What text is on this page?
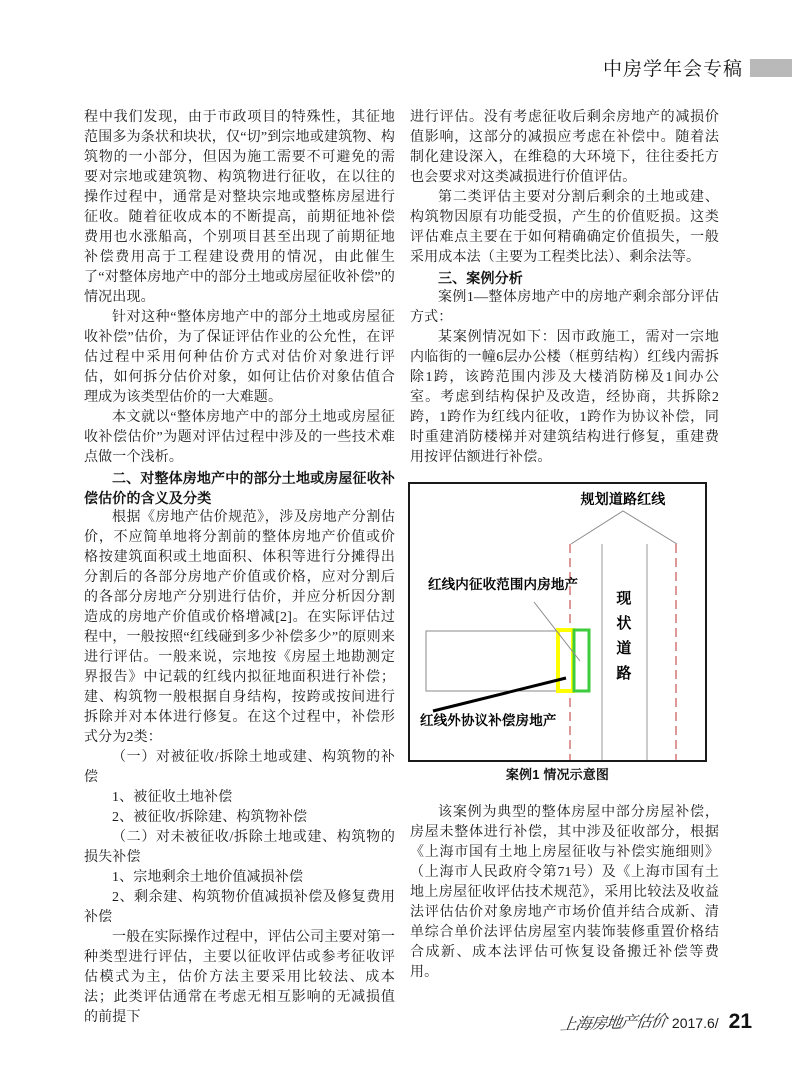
中房学年会专稿

程中我们发现，由于市政项目的特殊性，其征地范围多为条状和块状，仅“切”到宗地或建筑物、构筑物的一小部分，但因为施工需要不可避免的需要对宗地或建筑物、构筑物进行征收，在以往的操作过程中，通常是对整块宗地或整栋房屋进行征收。随着征收成本的不断提高，前期征地补偿费用也水涨船高，个别项目甚至出现了前期征地补偿费用高于工程建设费用的情况，由此催生了“对整体房地产中的部分土地或房屋征收补偿”的情况出现。

针对这种“整体房地产中的部分土地或房屋征收补偿”估价，为了保证评估作业的公允性，在评估过程中采用何种估价方式对估价对象进行评估，如何拆分估价对象，如何让估价对象估值合理成为该类型估价的一大难题。

本文就以“整体房地产中的部分土地或房屋征收补偿估价”为题对评估过程中涉及的一些技术难点做一个浅析。

二、对整体房地产中的部分土地或房屋征收补偿估价的含义及分类

根据《房地产估价规范》，涉及房地产分割估价，不应简单地将分割前的整体房地产价值或价格按建筑面积或土地面积、体积等进行分摊得出分割后的各部分房地产价值或价格，应对分割后的各部分房地产分别进行估价，并应分析因分割造成的房地产价值或价格增减[2]。在实际评估过程中，一般按照“红线碰到多少补偿多少”的原则来进行评估。一般来说，宗地按《房屋土地勘测定界报告》中记载的红线内拟征地面积进行补偿；建、构筑物一般根据自身结构，按跨或按间进行拆除并对本体进行修复。在这个过程中，补偿形式分为2类：

（一）对被征收/拆除土地或建、构筑物的补偿

1、被征收土地补偿

2、被征收/拆除建、构筑物补偿

（二）对未被征收/拆除土地或建、构筑物的损失补偿

1、宗地剩余土地价值减损补偿

2、剩余建、构筑物价值减损补偿及修复费用补偿

一般在实际操作过程中，评估公司主要对第一种类型进行评估，主要以征收评估或参考征收评估模式为主，估价方法主要采用比较法、成本法；此类评估通常在考虑无相互影响的无减损值的前提下

进行评估。没有考虑征收后剩余房地产的减损价值影响，这部分的减损应考虑在补偿中。随着法制化建设深入，在维稳的大环境下，往往委托方也会要求对这类减损进行价值评估。

第二类评估主要对分割后剩余的土地或建、构筑物因原有功能受损，产生的价值贬损。这类评估难点主要在于如何精确确定价值损失，一般采用成本法（主要为工程类比法）、剩余法等。

三、案例分析

案例1—整体房地产中的房地产剩余部分评估方式：

某案例情况如下：因市政施工，需对一宗地内临街的一幢6层办公楼（框剪结构）红线内需拆除1跨，该跨范围内涉及大楼消防梯及1间办公室。考虑到结构保护及改造，经协商，共拆除2跨，1跨作为红线内征收，1跨作为协议补偿，同时重建消防楼梯并对建筑结构进行修复，重建费用按评估额进行补偿。

规划道路红线
红线内征收范围内房地产
红线外协议补偿房地产
现
状
道
路
案例1 情况示意图

该案例为典型的整体房屋中部分房屋补偿，房屋未整体进行补偿，其中涉及征收部分，根据《上海市国有土地上房屋征收与补偿实施细则》（上海市人民政府令第71号）及《上海市国有土地上房屋征收评估技术规范》，采用比较法及收益法评估估价对象房地产市场价值并结合成新、清单综合单价法评估房屋室内装饰装修重置价格结合成新、成本法评估可恢复设备搬迁补偿等费用。

上海房地产估价 2017.6/ 21
